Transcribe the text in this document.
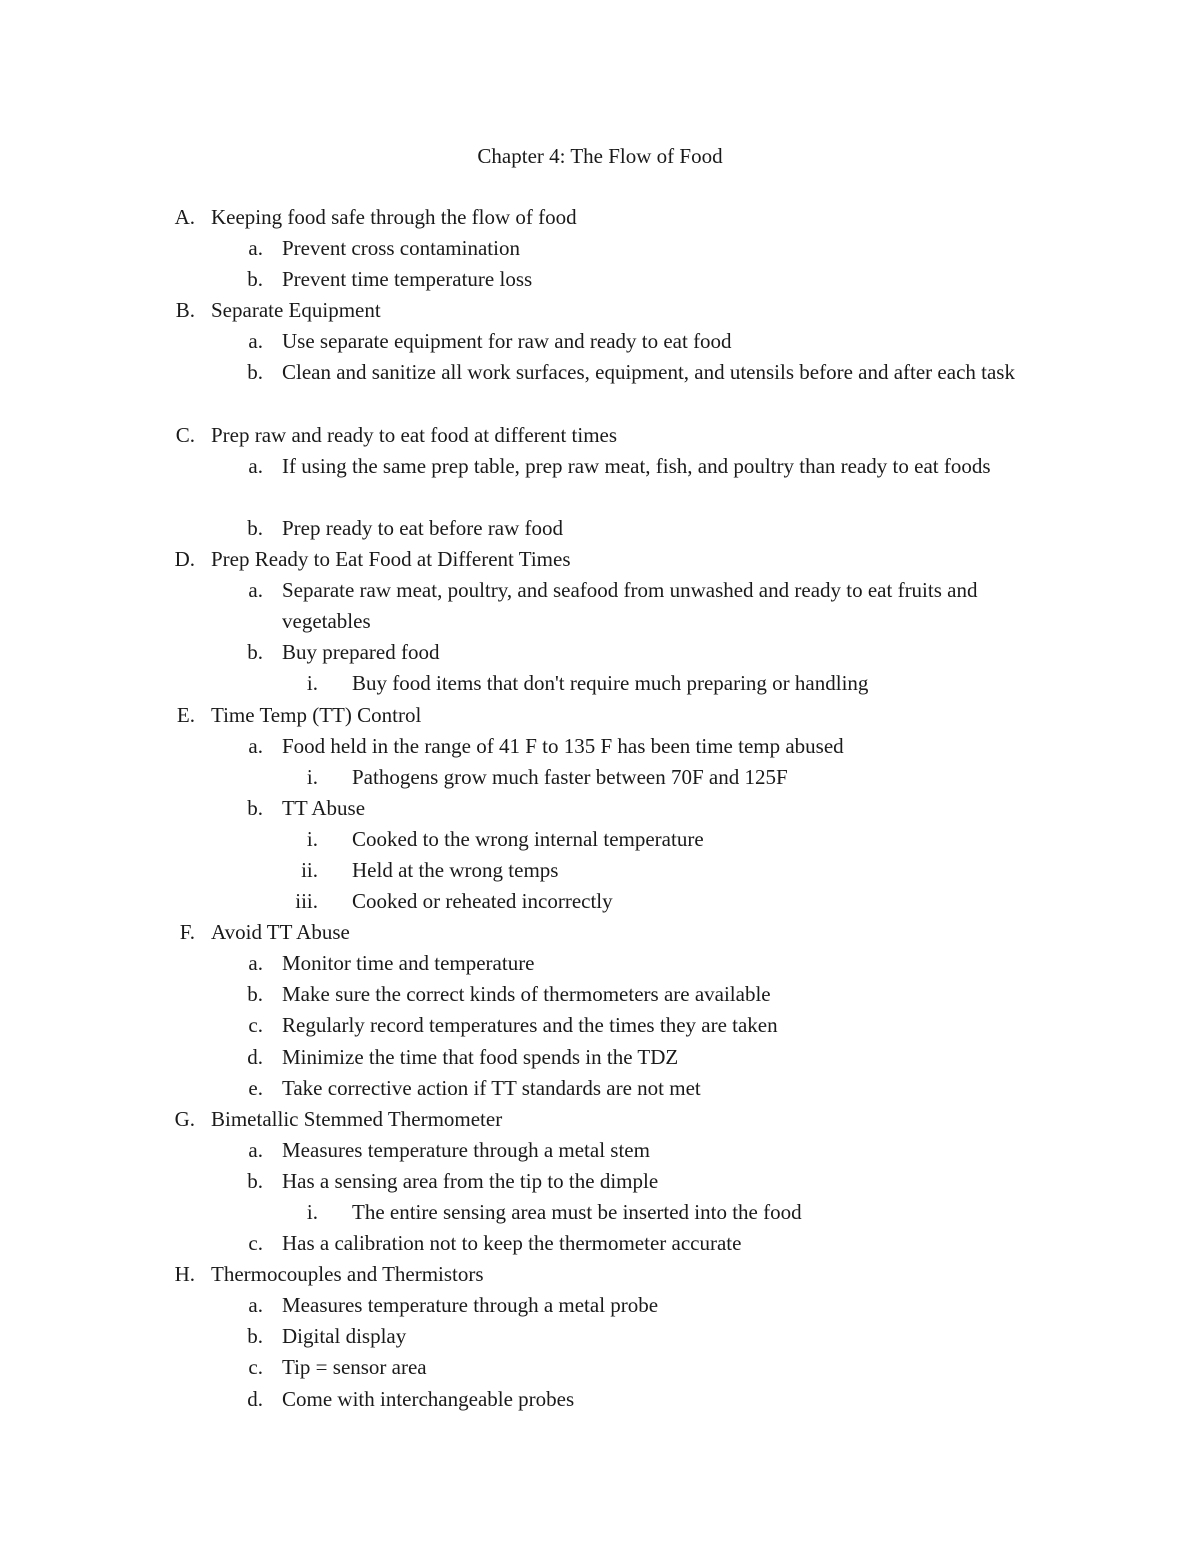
Chapter 4: The Flow of Food
A. Keeping food safe through the flow of food
a. Prevent cross contamination
b. Prevent time temperature loss
B. Separate Equipment
a. Use separate equipment for raw and ready to eat food
b. Clean and sanitize all work surfaces, equipment, and utensils before and after each task
C. Prep raw and ready to eat food at different times
a. If using the same prep table, prep raw meat, fish, and poultry than ready to eat foods
b. Prep ready to eat before raw food
D. Prep Ready to Eat Food at Different Times
a. Separate raw meat, poultry, and seafood from unwashed and ready to eat fruits and vegetables
b. Buy prepared food
i. Buy food items that don't require much preparing or handling
E. Time Temp (TT) Control
a. Food held in the range of 41 F to 135 F has been time temp abused
i. Pathogens grow much faster between 70F and 125F
b. TT Abuse
i. Cooked to the wrong internal temperature
ii. Held at the wrong temps
iii. Cooked or reheated incorrectly
F. Avoid TT Abuse
a. Monitor time and temperature
b. Make sure the correct kinds of thermometers are available
c. Regularly record temperatures and the times they are taken
d. Minimize the time that food spends in the TDZ
e. Take corrective action if TT standards are not met
G. Bimetallic Stemmed Thermometer
a. Measures temperature through a metal stem
b. Has a sensing area from the tip to the dimple
i. The entire sensing area must be inserted into the food
c. Has a calibration not to keep the thermometer accurate
H. Thermocouples and Thermistors
a. Measures temperature through a metal probe
b. Digital display
c. Tip = sensor area
d. Come with interchangeable probes
